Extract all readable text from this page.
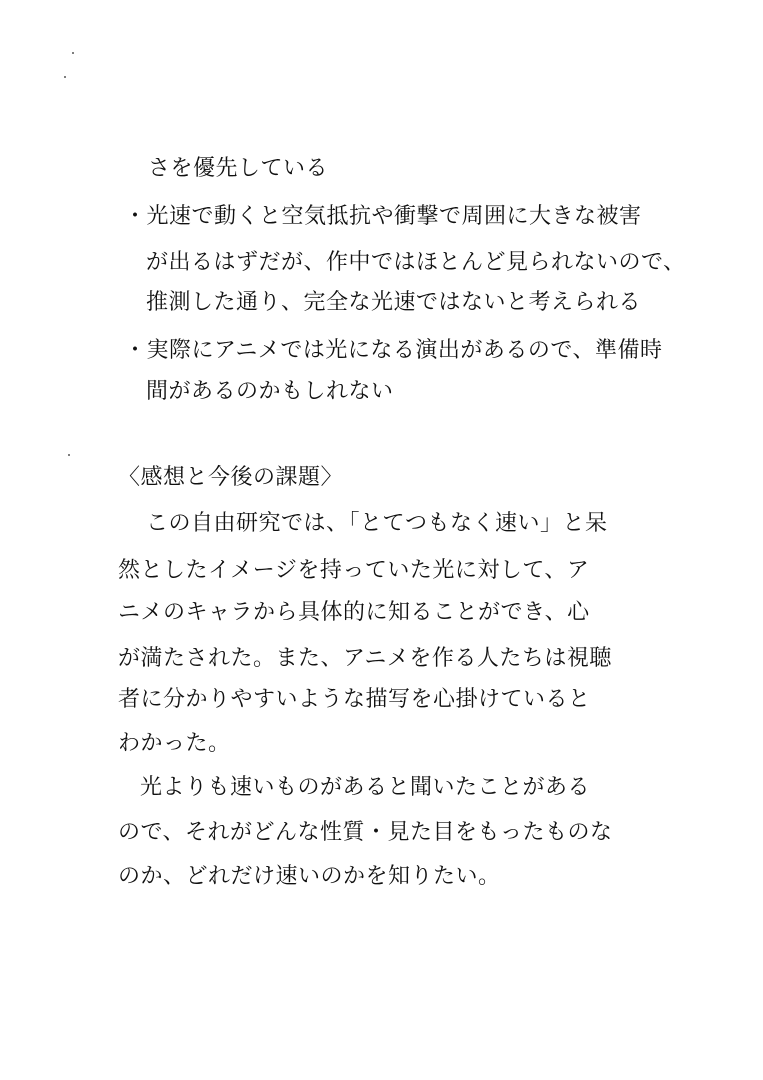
さを優先している
・光速で動くと空気抵抗や衝撃で周囲に大きな被害
が出るはずだが、作中ではほとんど見られないので、
推測した通り、完全な光速ではないと考えられる
・実際にアニメでは光になる演出があるので、準備時
間があるのかもしれない
〈感想と今後の課題〉
この自由研究では、「とてつもなく速い」と呆
然としたイメージを持っていた光に対して、ア
ニメのキャラから具体的に知ることができ、心
が満たされた。また、アニメを作る人たちは視聴
者に分かりやすいような描写を心掛けていると
わかった。
光よりも速いものがあると聞いたことがある
ので、それがどんな性質・見た目をもったものな
のか、どれだけ速いのかを知りたい。
